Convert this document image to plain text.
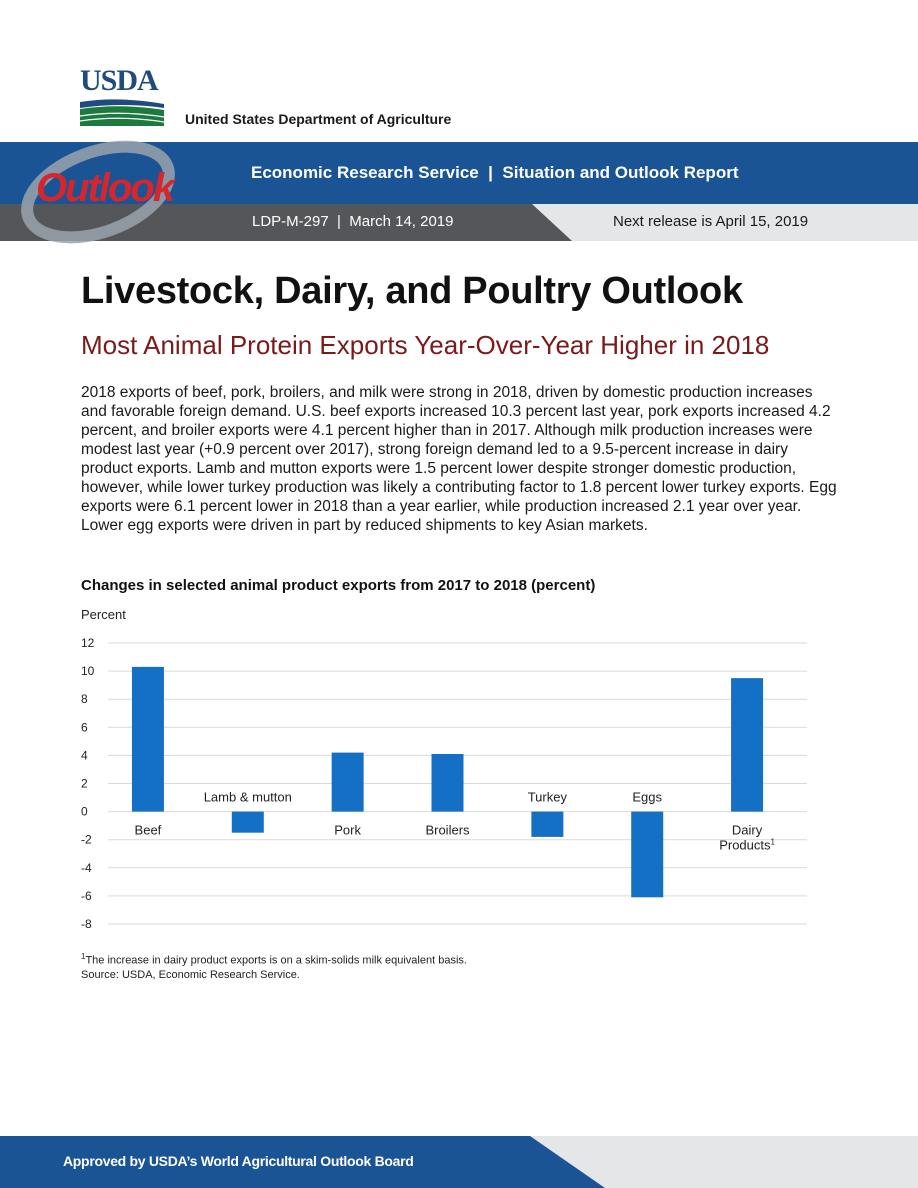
USDA
United States Department of Agriculture
Outlook	Economic Research Service  |  Situation and Outlook Report
LDP-M-297  |  March 14, 2019	Next release is April 15, 2019
Livestock, Dairy, and Poultry Outlook
Most Animal Protein Exports Year-Over-Year Higher in 2018
2018 exports of beef, pork, broilers, and milk were strong in 2018, driven by domestic production increases and favorable foreign demand. U.S. beef exports increased 10.3 percent last year, pork exports increased 4.2 percent, and broiler exports were 4.1 percent higher than in 2017. Although milk production increases were modest last year (+0.9 percent over 2017), strong foreign demand led to a 9.5-percent increase in dairy product exports. Lamb and mutton exports were 1.5 percent lower despite stronger domestic production, however, while lower turkey production was likely a contributing factor to 1.8 percent lower turkey exports. Egg exports were 6.1 percent lower in 2018 than a year earlier, while production increased 2.1 year over year. Lower egg exports were driven in part by reduced shipments to key Asian markets.
Changes in selected animal product exports from 2017 to 2018 (percent)
Percent
12
10
8
6
4
2
0
-2
-4
-6
-8
Beef
Lamb & mutton
Pork	Broilers
Turkey	Eggs
Dairy Products$^1$
$^1$The increase in dairy product exports is on a skim-solids milk equivalent basis.
Source: USDA, Economic Research Service.
Approved by USDA’s World Agricultural Outlook Board
